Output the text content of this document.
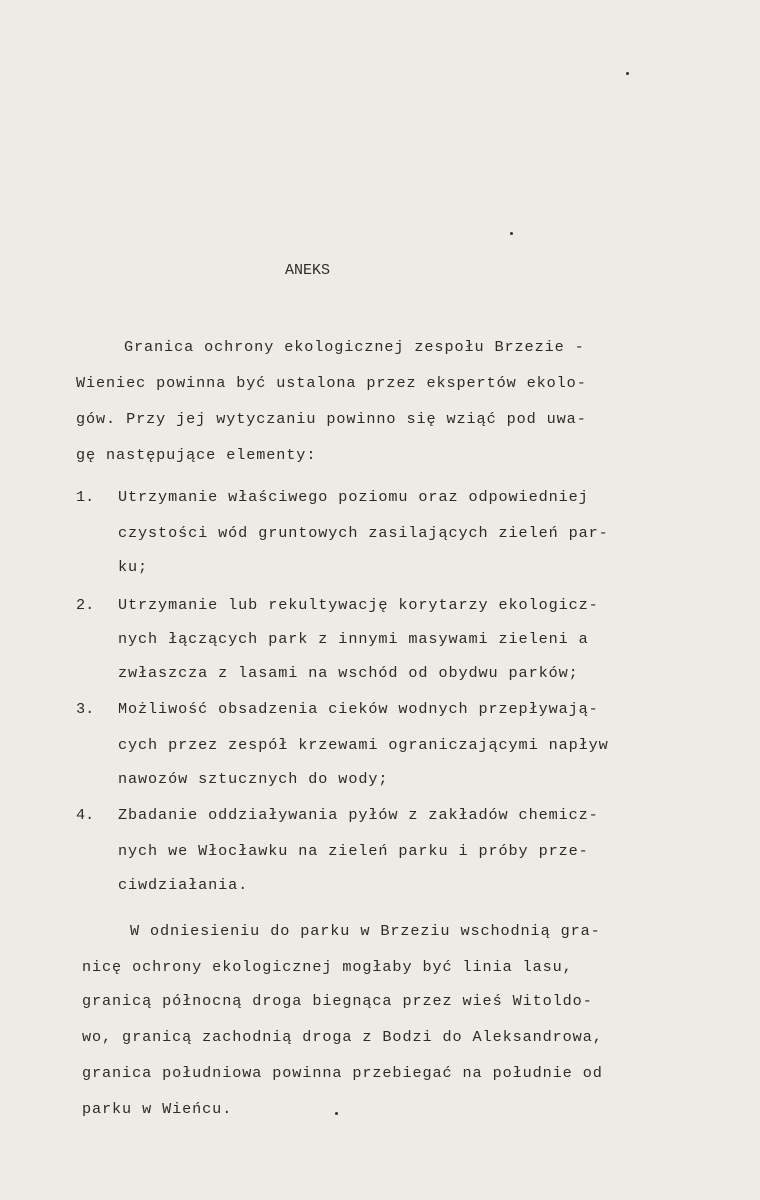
ANEKS
Granica ochrony ekologicznej zespołu Brzezie -
Wieniec powinna być ustalona przez ekspertów ekolo-
gów. Przy jej wytyczaniu powinno się wziąć pod uwa-
gę następujące elementy:
1. Utrzymanie właściwego poziomu oraz odpowiedniej
czystości wód gruntowych zasilających zieleń par-
ku;
2. Utrzymanie lub rekultywację korytarzy ekologicz-
nych łączących park z innymi masywami zieleni a
zwłaszcza z lasami na wschód od obydwu parków;
3. Możliwość obsadzenia cieków wodnych przepływają-
cych przez zespół krzewami ograniczającymi napływ
nawozów sztucznych do wody;
4. Zbadanie oddziaływania pyłów z zakładów chemicz-
nych we Włocławku na zieleń parku i próby prze-
ciwdziałania.
W odniesieniu do parku w Brzeziu wschodnią gra-
nicę ochrony ekologicznej mogłaby być linia lasu,
granicą północną droga biegnąca przez wieś Witoldo-
wo, granicą zachodnią droga z Bodzi do Aleksandrowa,
granica południowa powinna przebiegać na południe od
parku w Wieńcu.
